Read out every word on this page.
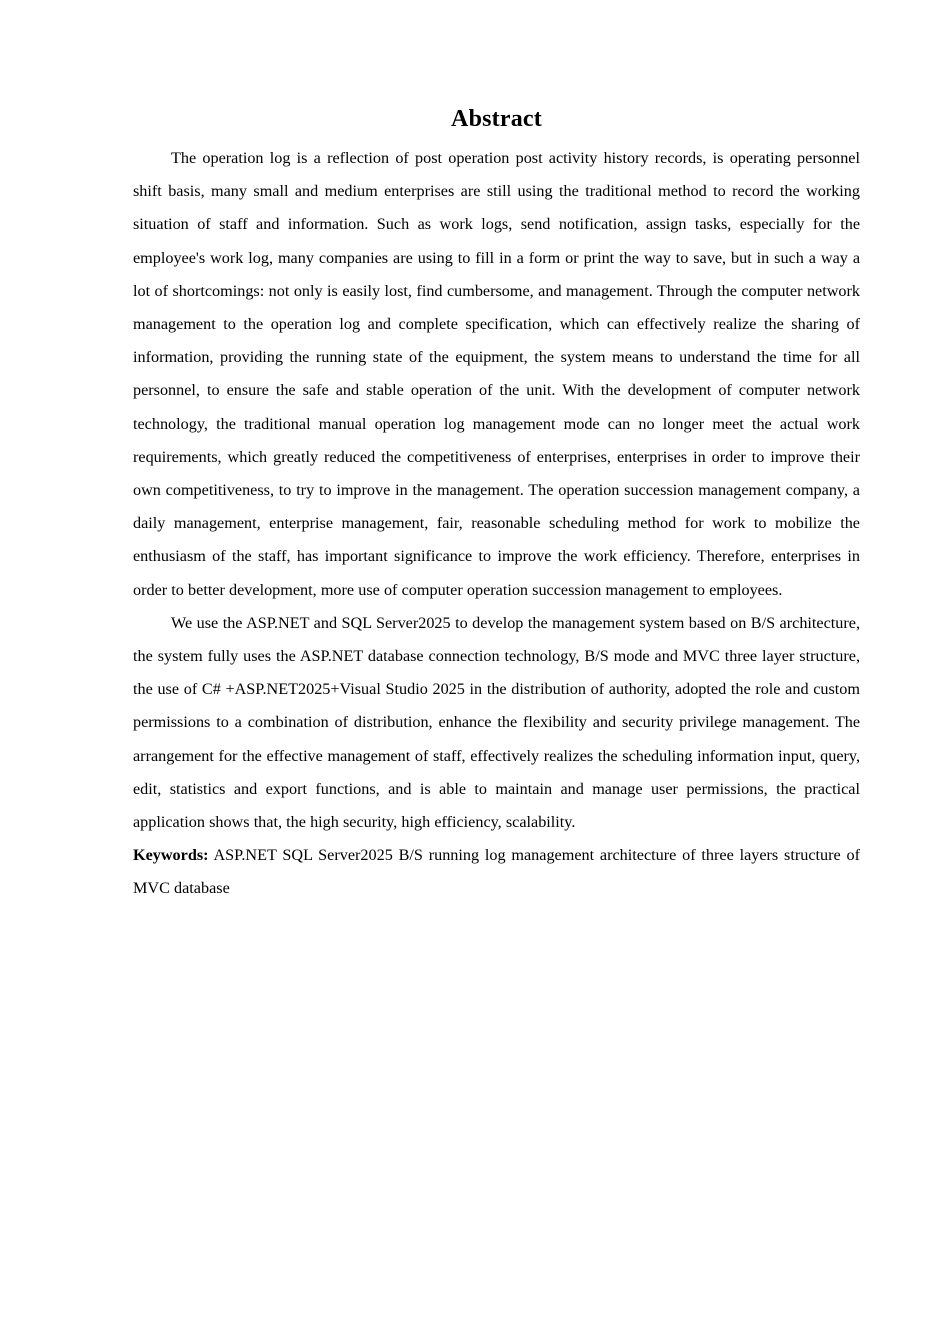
Abstract

The operation log is a reflection of post operation post activity history records, is operating personnel shift basis, many small and medium enterprises are still using the traditional method to record the working situation of staff and information. Such as work logs, send notification, assign tasks, especially for the employee's work log, many companies are using to fill in a form or print the way to save, but in such a way a lot of shortcomings: not only is easily lost, find cumbersome, and management. Through the computer network management to the operation log and complete specification, which can effectively realize the sharing of information, providing the running state of the equipment, the system means to understand the time for all personnel, to ensure the safe and stable operation of the unit. With the development of computer network technology, the traditional manual operation log management mode can no longer meet the actual work requirements, which greatly reduced the competitiveness of enterprises, enterprises in order to improve their own competitiveness, to try to improve in the management. The operation succession management company, a daily management, enterprise management, fair, reasonable scheduling method for work to mobilize the enthusiasm of the staff, has important significance to improve the work efficiency. Therefore, enterprises in order to better development, more use of computer operation succession management to employees.

We use the ASP.NET and SQL Server2025 to develop the management system based on B/S architecture, the system fully uses the ASP.NET database connection technology, B/S mode and MVC three layer structure, the use of C# +ASP.NET2025+Visual Studio 2025 in the distribution of authority, adopted the role and custom permissions to a combination of distribution, enhance the flexibility and security privilege management. The arrangement for the effective management of staff, effectively realizes the scheduling information input, query, edit, statistics and export functions, and is able to maintain and manage user permissions, the practical application shows that, the high security, high efficiency, scalability.

Keywords: ASP.NET SQL Server2025 B/S running log management architecture of three layers structure of MVC database
